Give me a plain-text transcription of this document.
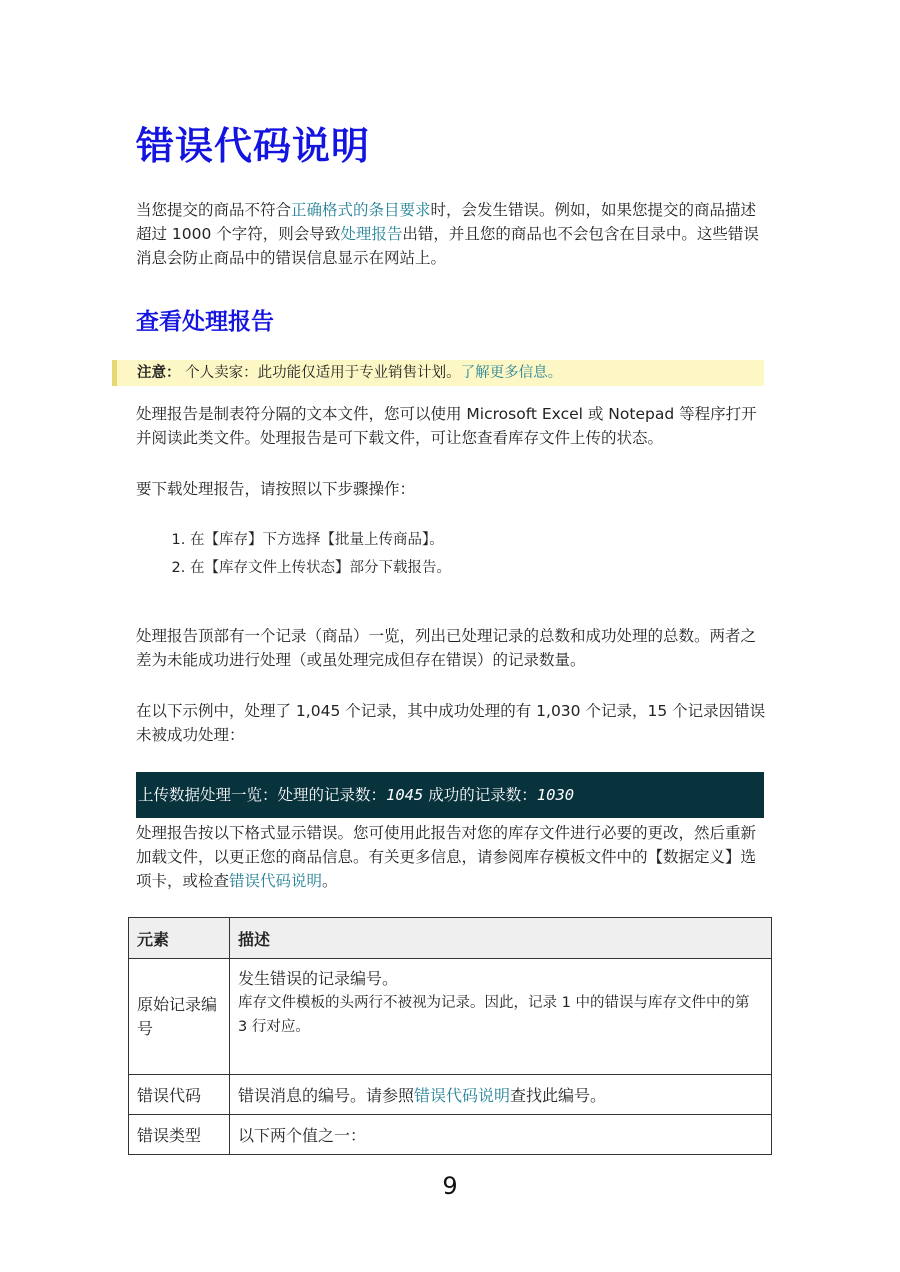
错误代码说明
当您提交的商品不符合正确格式的条目要求时，会发生错误。例如，如果您提交的商品描述超过 1000 个字符，则会导致处理报告出错，并且您的商品也不会包含在目录中。这些错误消息会防止商品中的错误信息显示在网站上。
查看处理报告
注意： 个人卖家：此功能仅适用于专业销售计划。了解更多信息。
处理报告是制表符分隔的文本文件，您可以使用 Microsoft Excel 或 Notepad 等程序打开并阅读此类文件。处理报告是可下载文件，可让您查看库存文件上传的状态。
要下载处理报告，请按照以下步骤操作：
1. 在【库存】下方选择【批量上传商品】。
2. 在【库存文件上传状态】部分下载报告。
处理报告顶部有一个记录（商品）一览，列出已处理记录的总数和成功处理的总数。两者之差为未能成功进行处理（或虽处理完成但存在错误）的记录数量。
在以下示例中，处理了 1,045 个记录，其中成功处理的有 1,030 个记录，15 个记录因错误未被成功处理：
上传数据处理一览：处理的记录数：1045 成功的记录数：1030
处理报告按以下格式显示错误。您可使用此报告对您的库存文件进行必要的更改，然后重新加载文件，以更正您的商品信息。有关更多信息，请参阅库存模板文件中的【数据定义】选项卡，或检查错误代码说明。
元素	描述
原始记录编号	发生错误的记录编号。
库存文件模板的头两行不被视为记录。因此，记录 1 中的错误与库存文件中的第 3 行对应。

错误代码	错误消息的编号。请参照错误代码说明查找此编号。
错误类型	以下两个值之一：
9
